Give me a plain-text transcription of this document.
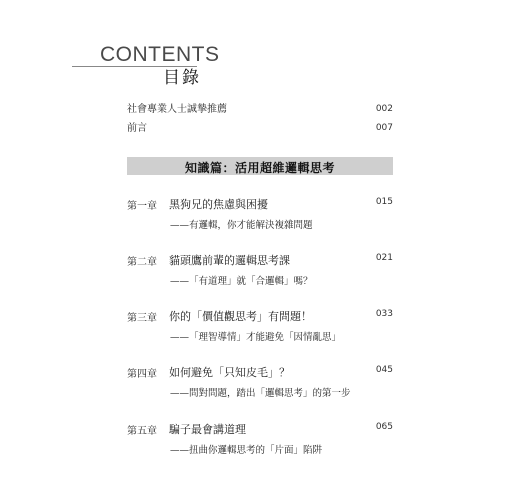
CONTENTS
目錄
社會專業人士誠摯推薦	002
前言	007
知識篇：活用超維邏輯思考
第一章 黑狗兄的焦慮與困擾	015
——有邏輯，你才能解決複雜問題
第二章 貓頭鷹前輩的邏輯思考課	021
——「有道理」就「合邏輯」嗎？
第三章 你的「價值觀思考」有問題！	033
——「理智導情」才能避免「因情亂思」
第四章 如何避免「只知皮毛」？	045
——問對問題，踏出「邏輯思考」的第一步
第五章 騙子最會講道理	065
——扭曲你邏輯思考的「片面」陷阱
